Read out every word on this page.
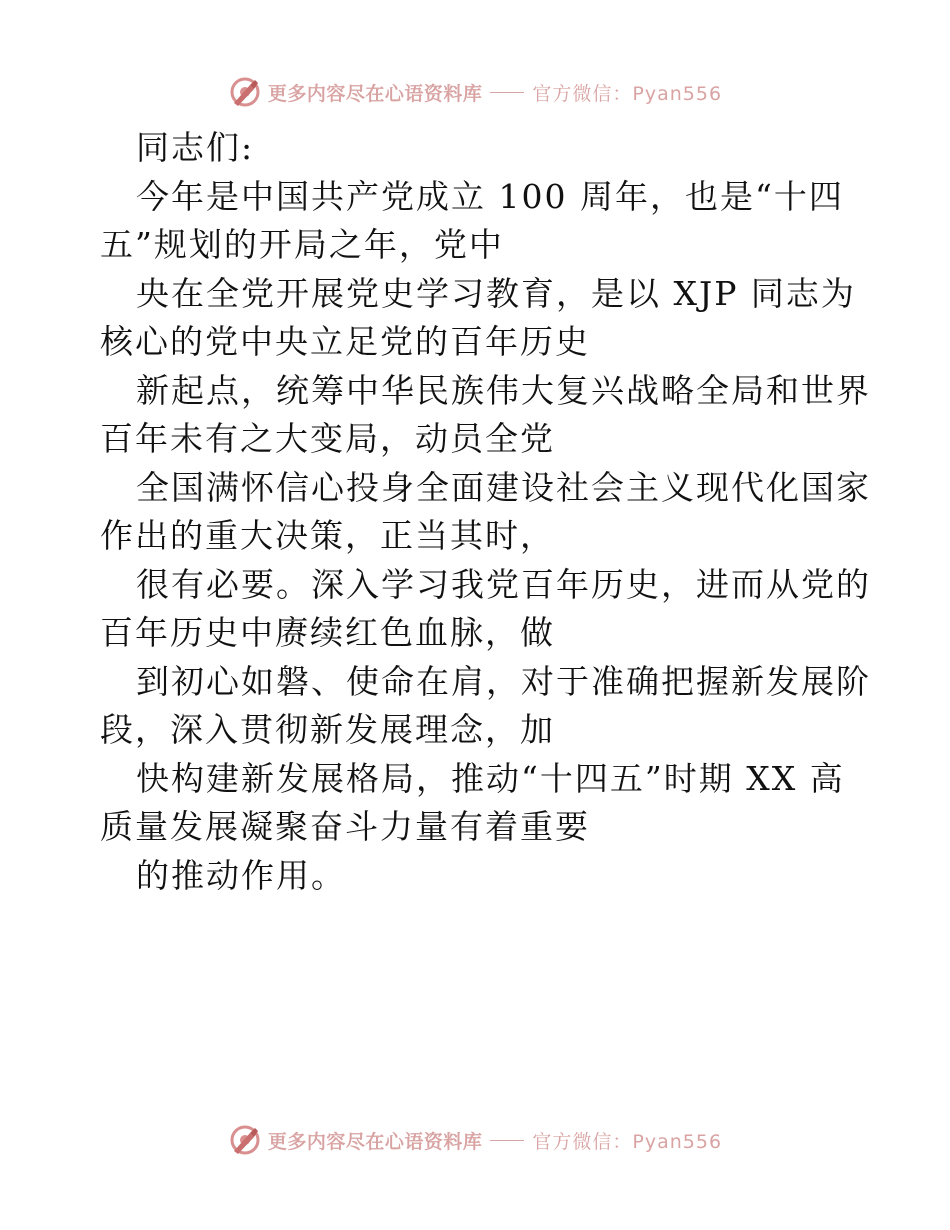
更多内容尽在心语资料库	官方微信：Pyan556
同志们:
今年是中国共产党成立 100 周年，也是“十四
五”规划的开局之年，党中
央在全党开展党史学习教育，是以 XJP 同志为
核心的党中央立足党的百年历史
新起点，统筹中华民族伟大复兴战略全局和世界
百年未有之大变局，动员全党
全国满怀信心投身全面建设社会主义现代化国家
作出的重大决策，正当其时，
很有必要。深入学习我党百年历史，进而从党的
百年历史中赓续红色血脉，做
到初心如磐、使命在肩，对于准确把握新发展阶
段，深入贯彻新发展理念，加
快构建新发展格局，推动“十四五”时期 XX 高
质量发展凝聚奋斗力量有着重要
的推动作用。
更多内容尽在心语资料库	官方微信：Pyan556
